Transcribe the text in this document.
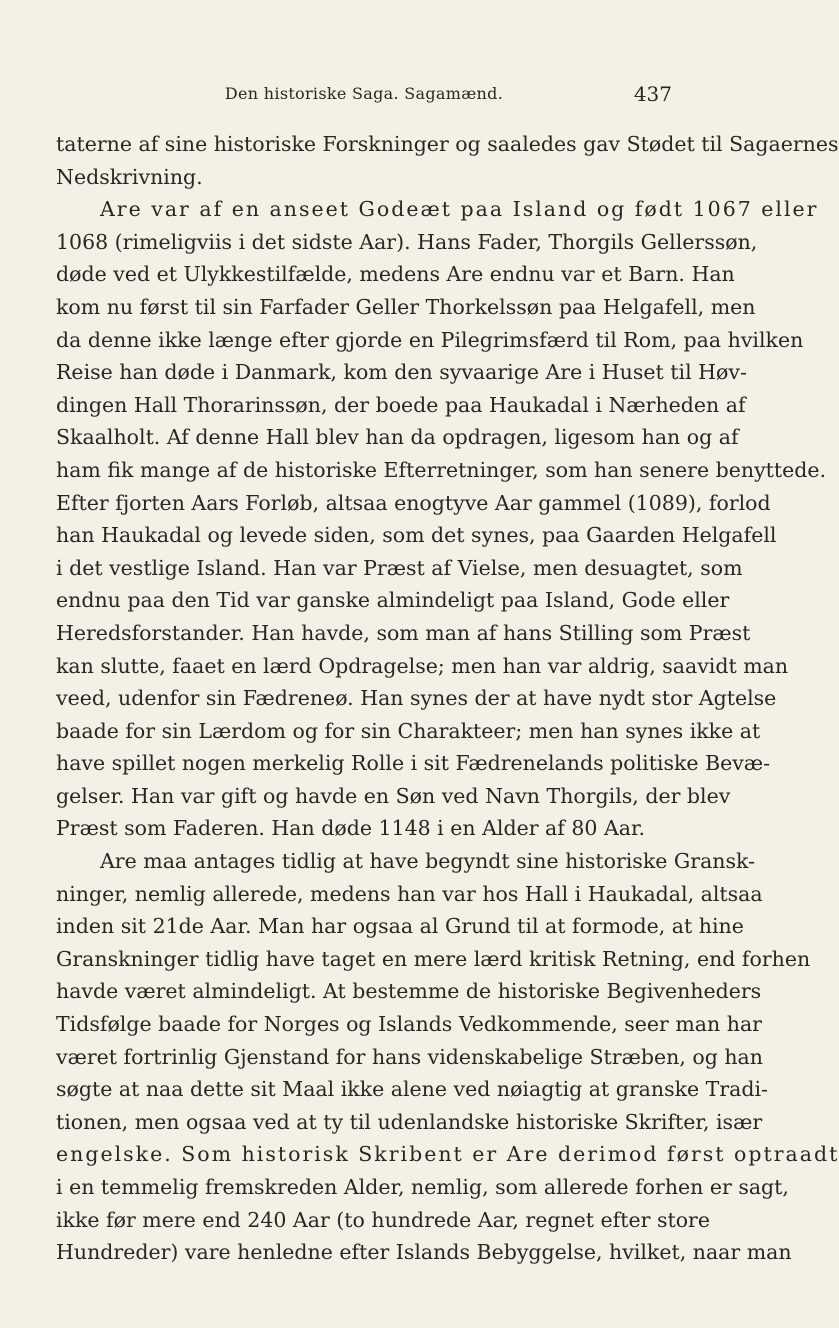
Den historiske Saga. Sagamænd.	437
taterne af sine historiske Forskninger og saaledes gav Stødet til Sagaernes
Nedskrivning.
Are var af en anseet Godeæt paa Island og født 1067 eller
1068 (rimeligviis i det sidste Aar). Hans Fader, Thorgils Gellerssøn,
døde ved et Ulykkestilfælde, medens Are endnu var et Barn. Han
kom nu først til sin Farfader Geller Thorkelssøn paa Helgafell, men
da denne ikke længe efter gjorde en Pilegrimsfærd til Rom, paa hvilken
Reise han døde i Danmark, kom den syvaarige Are i Huset til Høv-
dingen Hall Thorarinssøn, der boede paa Haukadal i Nærheden af
Skaalholt. Af denne Hall blev han da opdragen, ligesom han og af
ham fik mange af de historiske Efterretninger, som han senere benyttede.
Efter fjorten Aars Forløb, altsaa enogtyve Aar gammel (1089), forlod
han Haukadal og levede siden, som det synes, paa Gaarden Helgafell
i det vestlige Island. Han var Præst af Vielse, men desuagtet, som
endnu paa den Tid var ganske almindeligt paa Island, Gode eller
Heredsforstander. Han havde, som man af hans Stilling som Præst
kan slutte, faaet en lærd Opdragelse; men han var aldrig, saavidt man
veed, udenfor sin Fædreneø. Han synes der at have nydt stor Agtelse
baade for sin Lærdom og for sin Charakteer; men han synes ikke at
have spillet nogen merkelig Rolle i sit Fædrenelands politiske Bevæ-
gelser. Han var gift og havde en Søn ved Navn Thorgils, der blev
Præst som Faderen. Han døde 1148 i en Alder af 80 Aar.
Are maa antages tidlig at have begyndt sine historiske Gransk-
ninger, nemlig allerede, medens han var hos Hall i Haukadal, altsaa
inden sit 21de Aar. Man har ogsaa al Grund til at formode, at hine
Granskninger tidlig have taget en mere lærd kritisk Retning, end forhen
havde været almindeligt. At bestemme de historiske Begivenheders
Tidsfølge baade for Norges og Islands Vedkommende, seer man har
været fortrinlig Gjenstand for hans videnskabelige Stræben, og han
søgte at naa dette sit Maal ikke alene ved nøiagtig at granske Tradi-
tionen, men ogsaa ved at ty til udenlandske historiske Skrifter, især
engelske. Som historisk Skribent er Are derimod først optraadt
i en temmelig fremskreden Alder, nemlig, som allerede forhen er sagt,
ikke før mere end 240 Aar (to hundrede Aar, regnet efter store
Hundreder) vare henledne efter Islands Bebyggelse, hvilket, naar man
